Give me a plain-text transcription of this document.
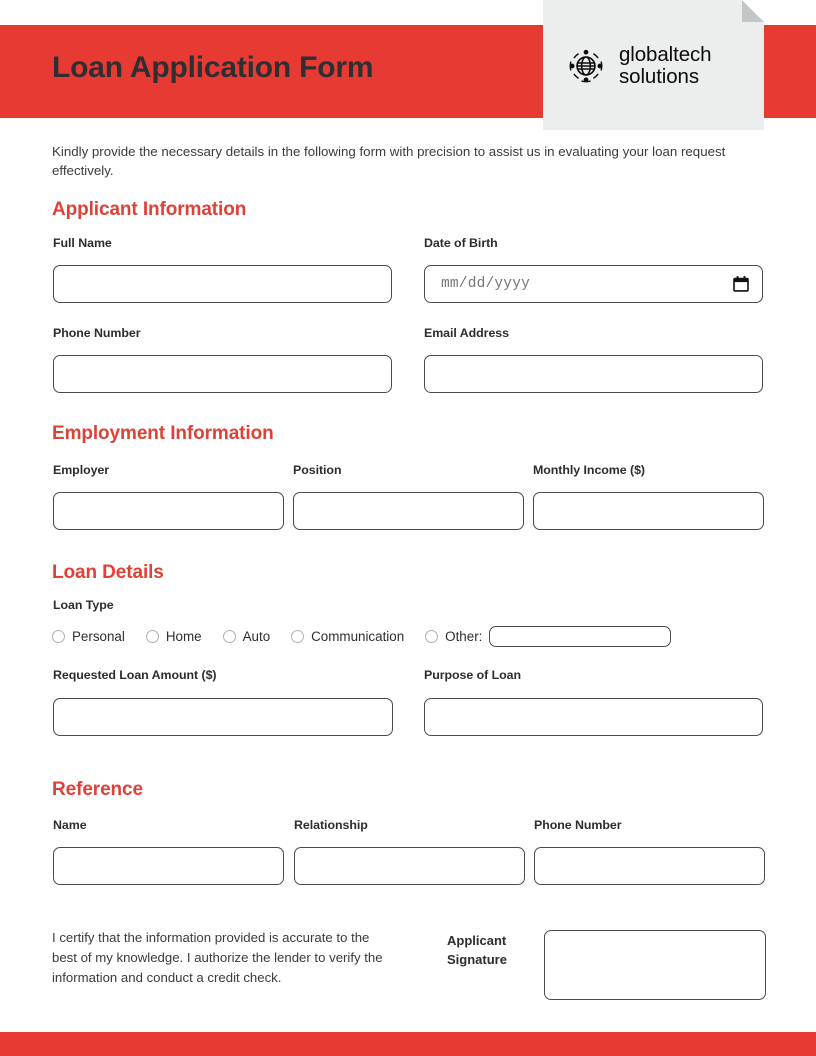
Loan Application Form	globaltech
solutions
Kindly provide the necessary details in the following form with precision to assist us in evaluating your loan request effectively.
Applicant Information
Full Name	Date of Birth
mm/dd/yyyy
Phone Number	Email Address
Employment Information
Employer	Position	Monthly Income ($)
Loan Details
Loan Type
Personal	Home	Auto	Communication	Other:
Requested Loan Amount ($)	Purpose of Loan
Reference
Name	Relationship	Phone Number
I certify that the information provided is accurate to the best of my knowledge. I authorize the lender to verify the information and conduct a credit check.
Applicant Signature
